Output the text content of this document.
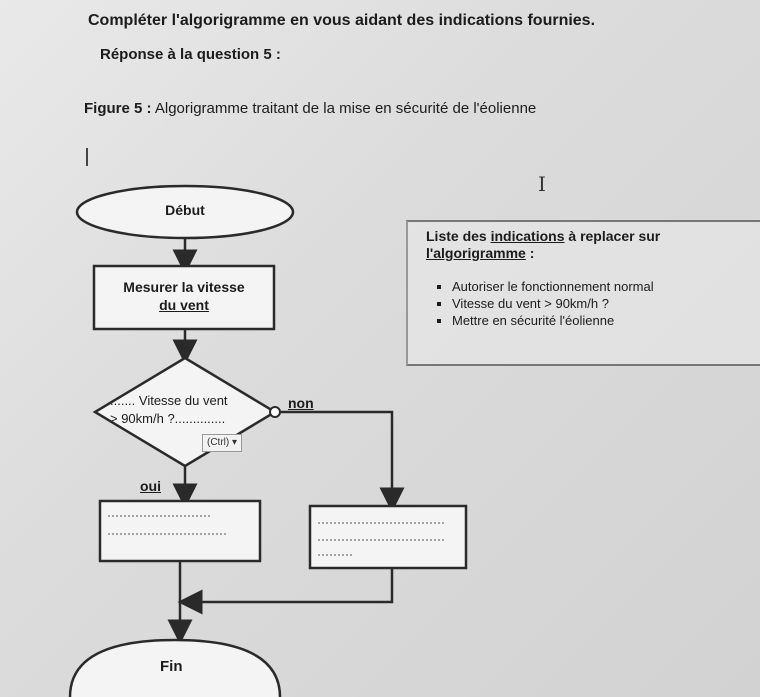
Compléter l'algorigramme en vous aidant des indications fournies.
Réponse à la question 5 :
Figure 5 : Algorigramme traitant de la mise en sécurité de l'éolienne
I
Début
Mesurer la vitesse
du vent
....... Vitesse du vent
> 90km/h ?..............
(Ctrl) ▾
non
oui
Fin
Liste des indications à replacer sur
l'algorigramme :
▪ Autoriser le fonctionnement normal
▪ Vitesse du vent > 90km/h ?
▪ Mettre en sécurité l'éolienne
